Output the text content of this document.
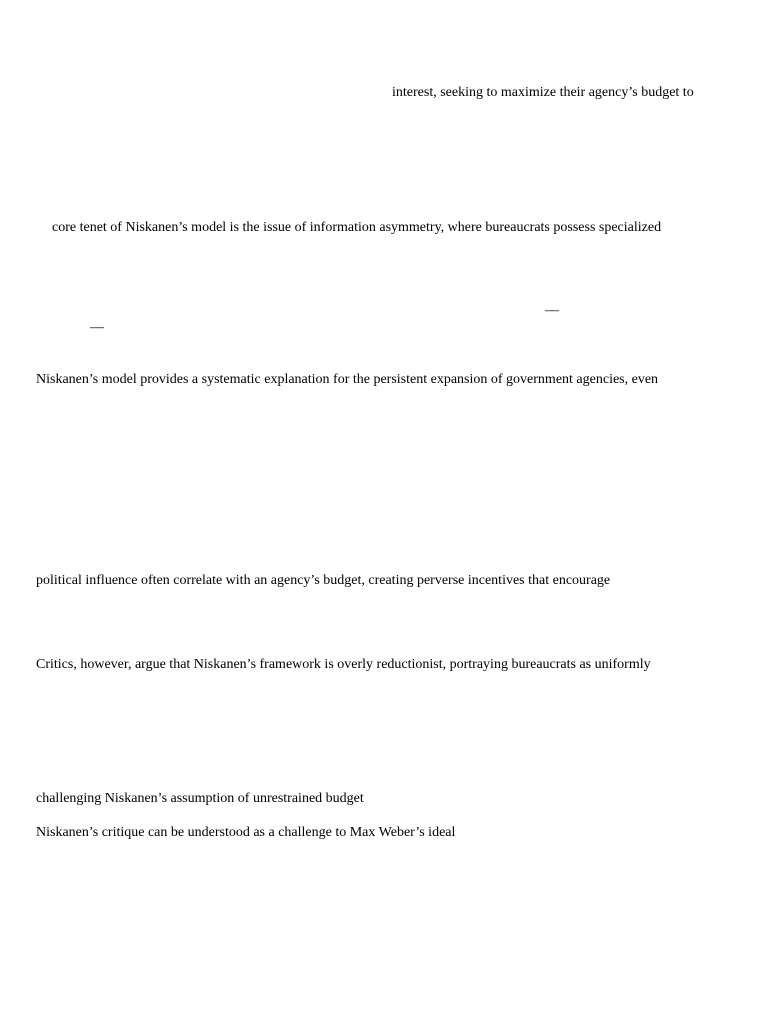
interest, seeking to maximize their agency’s budget to
core tenet of Niskanen’s model is the issue of information asymmetry, where bureaucrats possess specialized
—
—
Niskanen’s model provides a systematic explanation for the persistent expansion of government agencies, even
political influence often correlate with an agency’s budget, creating perverse incentives that encourage
Critics, however, argue that Niskanen’s framework is overly reductionist, portraying bureaucrats as uniformly
challenging Niskanen’s assumption of unrestrained budget
Niskanen’s critique can be understood as a challenge to Max Weber’s ideal
